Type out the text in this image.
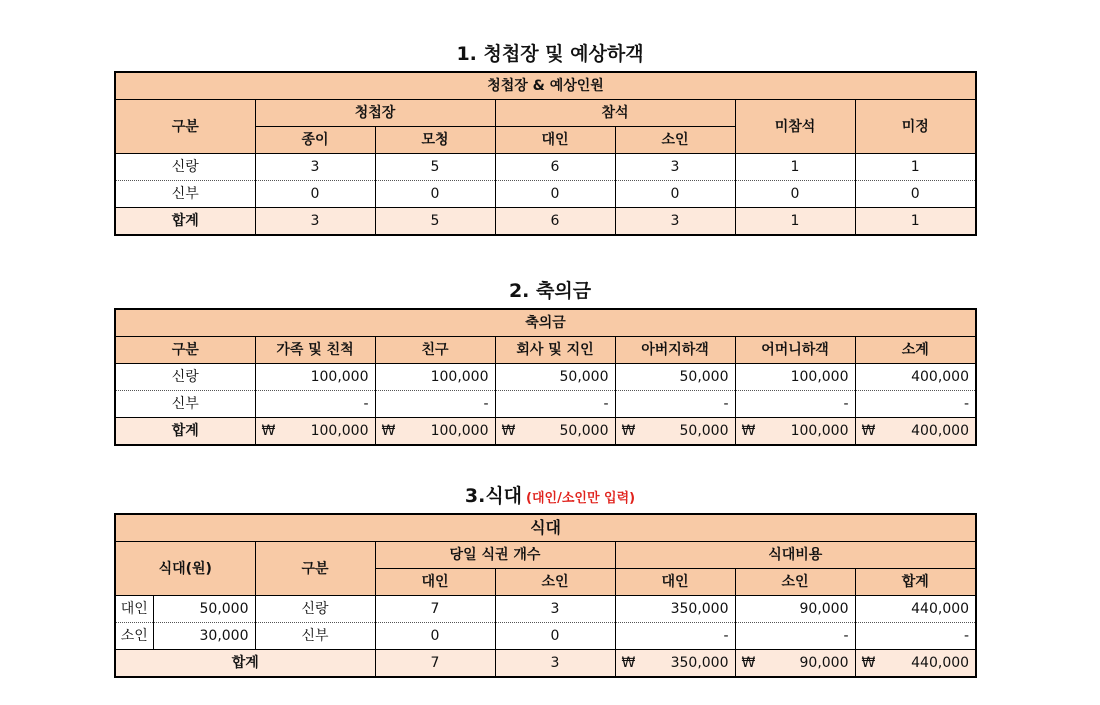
1. 청첩장 및 예상하객
청첩장 & 예상인원						
구분	청첩장		참석		미참석	미정
	종이	모청	대인	소인		
신랑	3	5	6	3	1	1
신부	0	0	0	0	0	0
합계	3	5	6	3	1	1
2. 축의금
축의금						
구분	가족 및 친척	친구	회사 및 지인	아버지하객	어머니하객	소계
신랑	100,000	100,000	50,000	50,000	100,000	400,000
신부	-	-	-	-	-	-
합계	₩ 100,000	₩ 100,000	₩ 50,000	₩ 50,000	₩ 100,000	₩ 400,000
3.식대 (대인/소인만 입력)
식대							
식대(원)		구분	당일 식권 개수		식대비용		
			대인	소인	대인	소인	합계
대인	50,000	신랑	7	3	350,000	90,000	440,000
소인	30,000	신부	0	0	-	-	-
합계			7	3	₩ 350,000	₩ 90,000	₩ 440,000
